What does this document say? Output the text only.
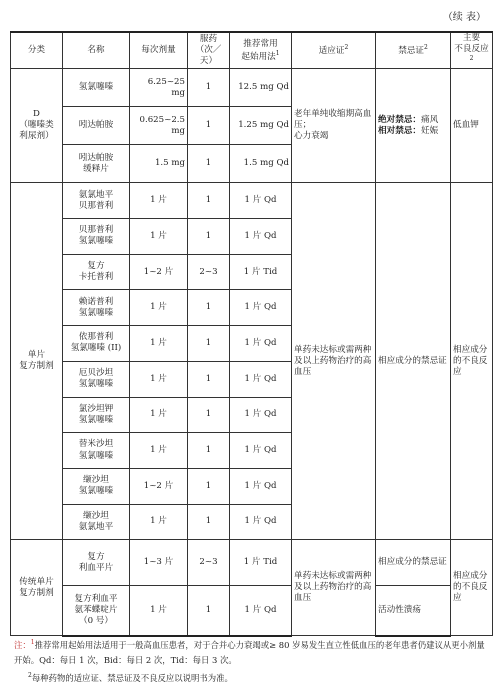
（续 表）
分类	名称	每次剂量	服药
（次／天）	推荐常用
起始用法$^1$	适应证$^2$	禁忌证$^2$	主要
不良反应$^2$
D
（噻嗪类
利尿剂）	氢氯噻嗪	6.25~25 mg	1	12.5 mg Qd	老年单纯收缩期高血压；
心力衰竭	绝对禁忌：痛风
相对禁忌：妊娠	低血钾
	吲达帕胺	0.625~2.5 mg	1	1.25 mg Qd			
	吲达帕胺
缓释片	1.5 mg	1	1.5 mg Qd			
单片
复方制剂	氨氯地平
贝那普利	1 片	1	1 片 Qd	单药未达标或需两种及以上药物治疗的高血压	相应成分的禁忌证	相应成分的不良反应
	贝那普利
氢氯噻嗪	1 片	1	1 片 Qd			
	复方
卡托普利	1~2 片	2~3	1 片 Tid			
	赖诺普利
氢氯噻嗪	1 片	1	1 片 Qd			
	依那普利
氢氯噻嗪 (II)	1 片	1	1 片 Qd			
	厄贝沙坦
氢氯噻嗪	1 片	1	1 片 Qd			
	氯沙坦钾
氢氯噻嗪	1 片	1	1 片 Qd			
	替米沙坦
氢氯噻嗪	1 片	1	1 片 Qd			
	缬沙坦
氢氯噻嗪	1~2 片	1	1 片 Qd			
	缬沙坦
氨氯地平	1 片	1	1 片 Qd			
传统单片
复方制剂	复方
利血平片	1~3 片	2~3	1 片 Tid	单药未达标或需两种及以上药物治疗的高血压	相应成分的禁忌证	相应成分的不良反应
	复方利血平
氨苯蝶啶片
（0 号）	1 片	1	1 片 Qd		活动性溃疡	

注：$^1$推荐常用起始用法适用于一般高血压患者，对于合并心力衰竭或≥ 80 岁易发生直立性低血压的老年患者仍建议从更小剂量开始。Qd：每日 1 次，Bid：每日 2 次，Tid：每日 3 次。

$^2$每种药物的适应证、禁忌证及不良反应以说明书为准。
